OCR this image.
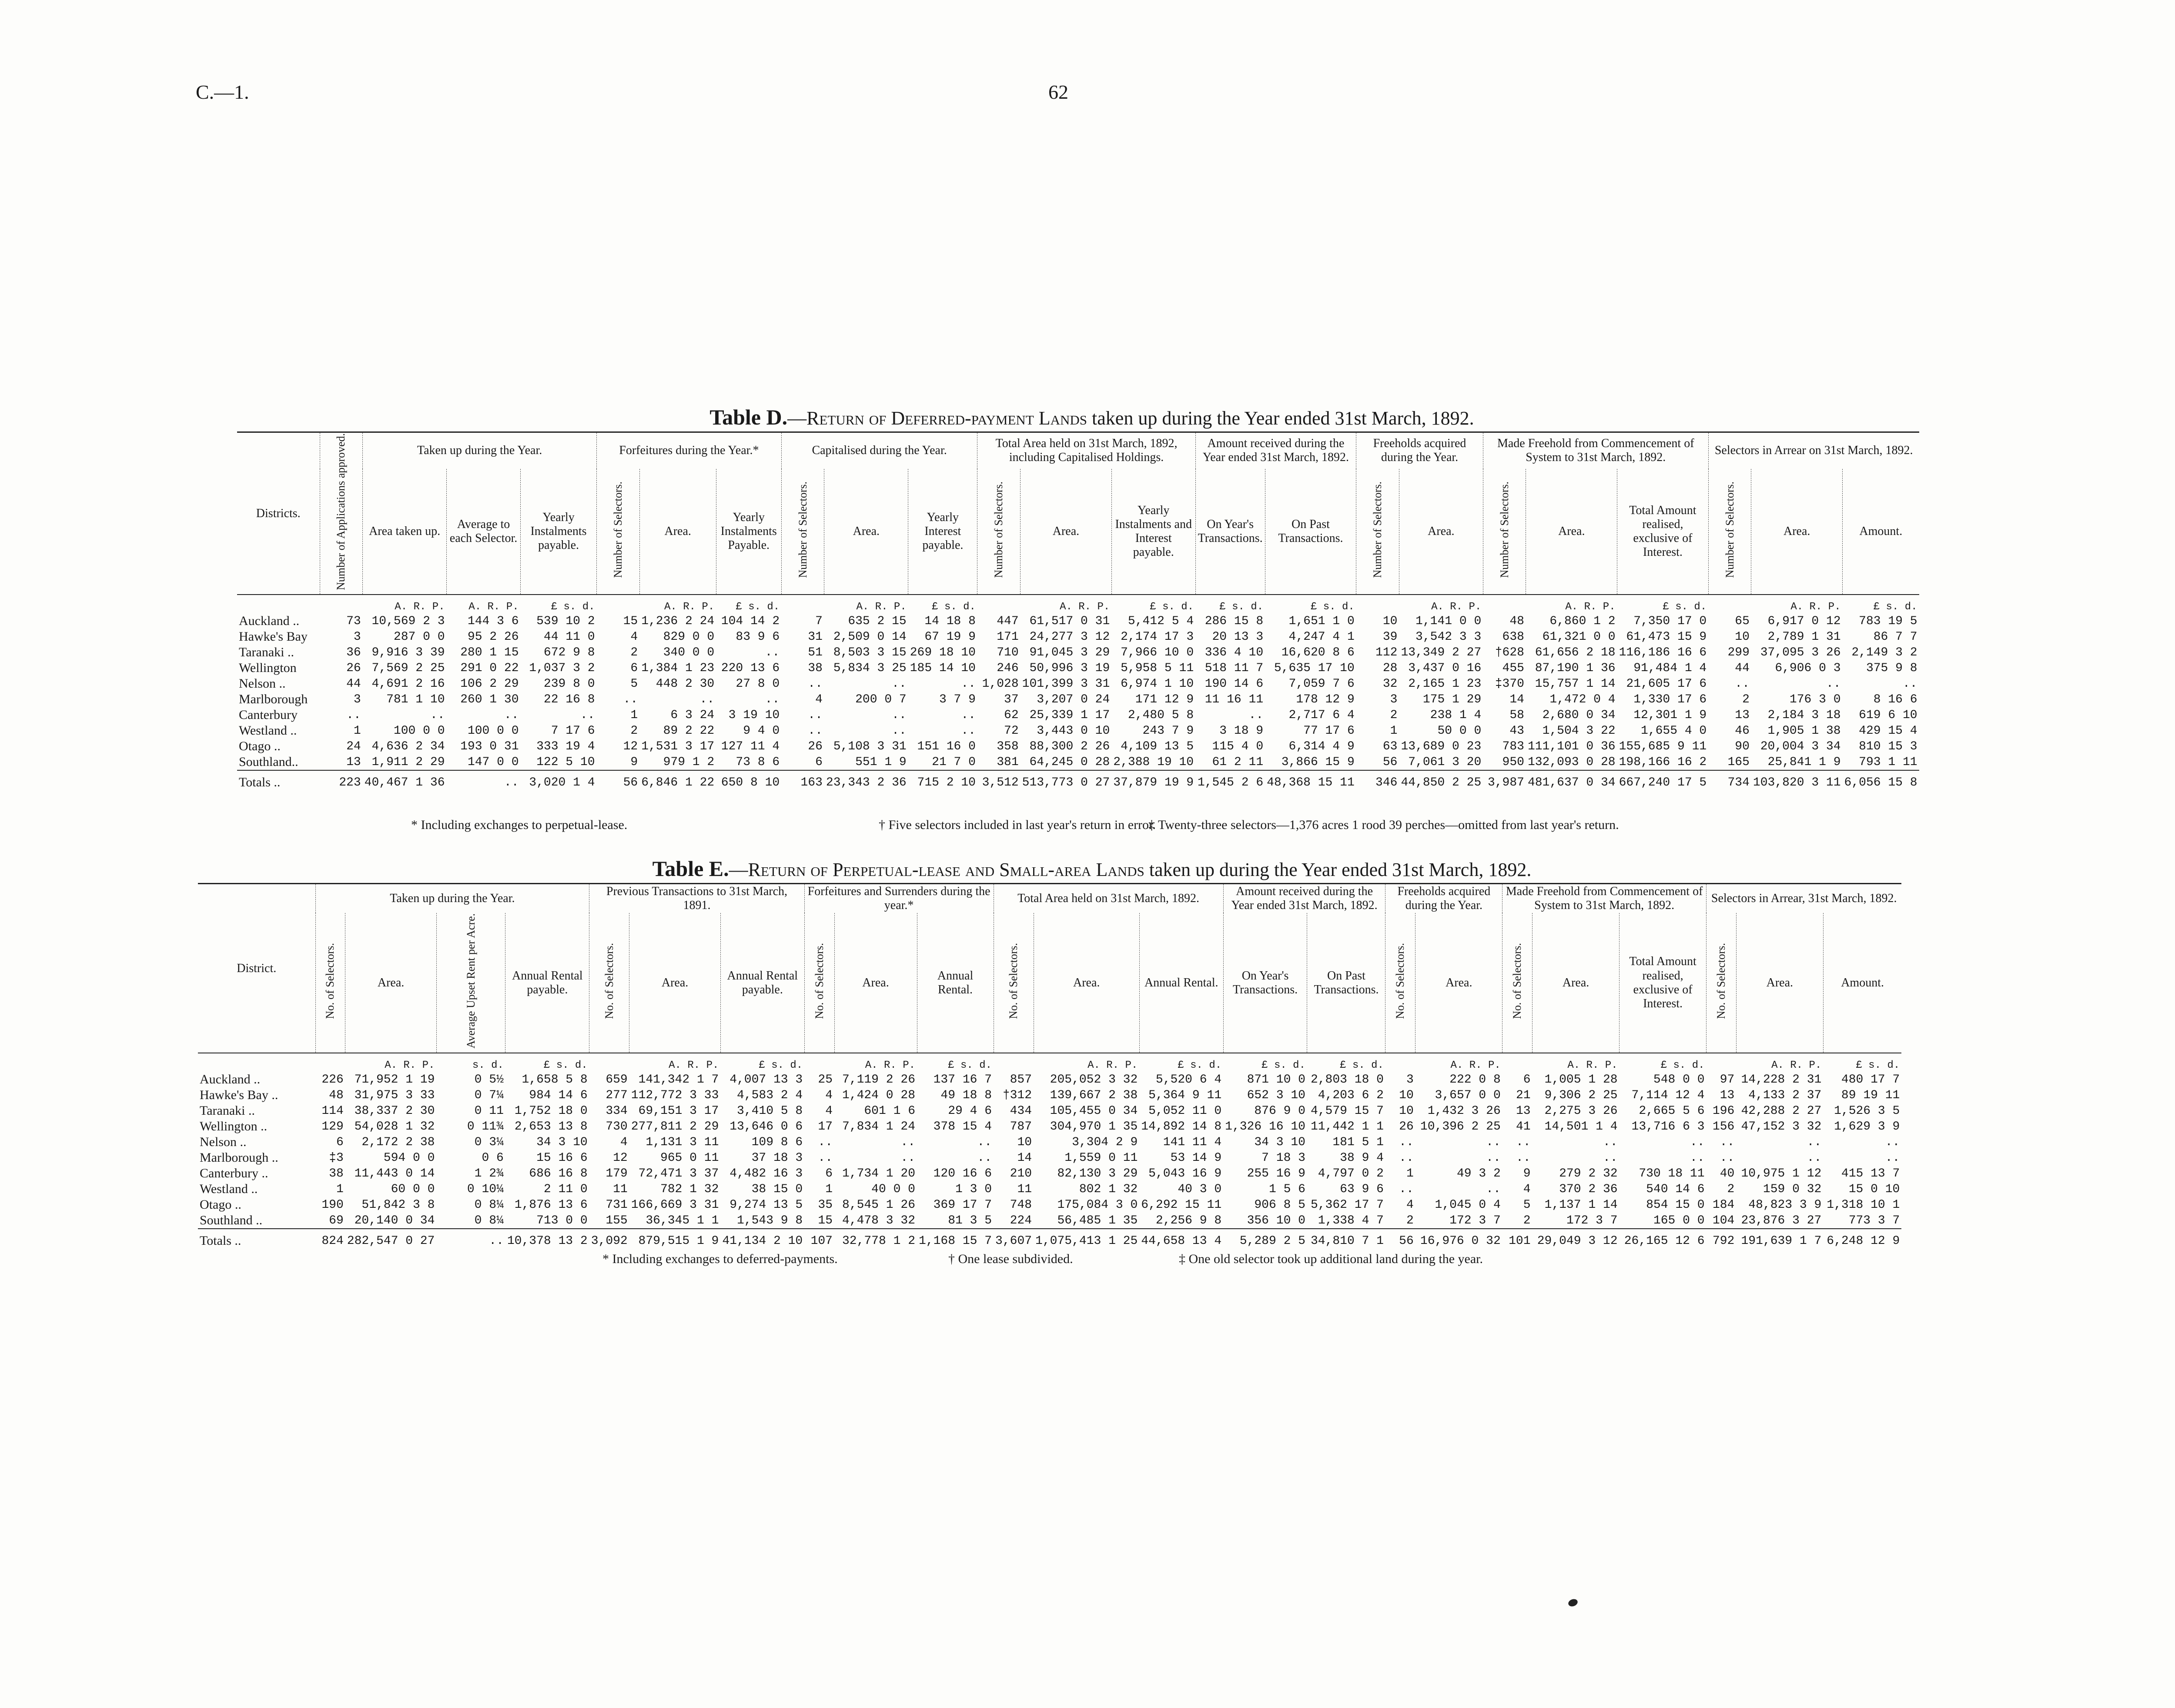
C.—1.	62
Table D.—Return of Deferred-payment Lands taken up during the Year ended 31st March, 1892.
Districts.	Number of Applications approved.	Taken up during the Year.			Forfeitures during the Year.*			Capitalised during the Year.			Total Area held on 31st March, 1892, including Capitalised Holdings.			Amount received during the Year ended 31st March, 1892.		Freeholds acquired during the Year.		Made Freehold from Commencement of System to 31st March, 1892.			Selectors in Arrear on 31st March, 1892.		
		Area taken up.	Average to each Selector.	Yearly Instalments payable.	Number of Selectors.	Area.	Yearly Instalments Payable.	Number of Selectors.	Area.	Yearly Interest payable.	Number of Selectors.	Area.	Yearly Instalments and Interest payable.	On Year's Transactions.	On Past Transactions.	Number of Selectors.	Area.	Number of Selectors.	Area.	Total Amount realised, exclusive of Interest.	Number of Selectors.	Area.	Amount.
		A. R. P.	A. R. P.	£ s. d.		A. R. P.	£ s. d.		A. R. P.	£ s. d.		A. R. P.	£ s. d.	£ s. d.	£ s. d.		A. R. P.		A. R. P.	£ s. d.		A. R. P.	£ s. d.
Auckland ..	73	10,569 2 3	144 3 6	539 10 2	15	1,236 2 24	104 14 2	7	635 2 15	14 18 8	447	61,517 0 31	5,412 5 4	286 15 8	1,651 1 0	10	1,141 0 0	48	6,860 1 2	7,350 17 0	65	6,917 0 12	783 19 5
Hawke's Bay	3	287 0 0	95 2 26	44 11 0	4	829 0 0	83 9 6	31	2,509 0 14	67 19 9	171	24,277 3 12	2,174 17 3	20 13 3	4,247 4 1	39	3,542 3 3	638	61,321 0 0	61,473 15 9	10	2,789 1 31	86 7 7
Taranaki ..	36	9,916 3 39	280 1 15	672 9 8	2	340 0 0	..	51	8,503 3 15	269 18 10	710	91,045 3 29	7,966 10 0	336 4 10	16,620 8 6	112	13,349 2 27	†628	61,656 2 18	116,186 16 6	299	37,095 3 26	2,149 3 2
Wellington	26	7,569 2 25	291 0 22	1,037 3 2	6	1,384 1 23	220 13 6	38	5,834 3 25	185 14 10	246	50,996 3 19	5,958 5 11	518 11 7	5,635 17 10	28	3,437 0 16	455	87,190 1 36	91,484 1 4	44	6,906 0 3	375 9 8
Nelson ..	44	4,691 2 16	106 2 29	239 8 0	5	448 2 30	27 8 0	..	..	..	1,028	101,399 3 31	6,974 1 10	190 14 6	7,059 7 6	32	2,165 1 23	‡370	15,757 1 14	21,605 17 6	..	..	..
Marlborough	3	781 1 10	260 1 30	22 16 8	..	..	..	4	200 0 7	3 7 9	37	3,207 0 24	171 12 9	11 16 11	178 12 9	3	175 1 29	14	1,472 0 4	1,330 17 6	2	176 3 0	8 16 6
Canterbury	..	..	..	..	1	6 3 24	3 19 10	..	..	..	62	25,339 1 17	2,480 5 8	..	2,717 6 4	2	238 1 4	58	2,680 0 34	12,301 1 9	13	2,184 3 18	619 6 10
Westland ..	1	100 0 0	100 0 0	7 17 6	2	89 2 22	9 4 0	..	..	..	72	3,443 0 10	243 7 9	3 18 9	77 17 6	1	50 0 0	43	1,504 3 22	1,655 4 0	46	1,905 1 38	429 15 4
Otago ..	24	4,636 2 34	193 0 31	333 19 4	12	1,531 3 17	127 11 4	26	5,108 3 31	151 16 0	358	88,300 2 26	4,109 13 5	115 4 0	6,314 4 9	63	13,689 0 23	783	111,101 0 36	155,685 9 11	90	20,004 3 34	810 15 3
Southland..	13	1,911 2 29	147 0 0	122 5 10	9	979 1 2	73 8 6	6	551 1 9	21 7 0	381	64,245 0 28	2,388 19 10	61 2 11	3,866 15 9	56	7,061 3 20	950	132,093 0 28	198,166 16 2	165	25,841 1 9	793 1 11
Totals ..	223	40,467 1 36	..	3,020 1 4	56	6,846 1 22	650 8 10	163	23,343 2 36	715 2 10	3,512	513,773 0 27	37,879 19 9	1,545 2 6	48,368 15 11	346	44,850 2 25	3,987	481,637 0 34	667,240 17 5	734	103,820 3 11	6,056 15 8
* Including exchanges to perpetual-lease.	† Five selectors included in last year's return in error.
‡ Twenty-three selectors—1,376 acres 1 rood 39 perches—omitted from last year's return.
Table E.—Return of Perpetual-lease and Small-area Lands taken up during the Year ended 31st March, 1892.
District.	Taken up during the Year.				Previous Transactions to 31st March, 1891.			Forfeitures and Surrenders during the year.*			Total Area held on 31st March, 1892.			Amount received during the Year ended 31st March, 1892.		Freeholds acquired during the Year.		Made Freehold from Commencement of System to 31st March, 1892.			Selectors in Arrear, 31st March, 1892.		
	No. of Selectors.	Area.	Average Upset Rent per Acre.	Annual Rental payable.	No. of Selectors.	Area.	Annual Rental payable.	No. of Selectors.	Area.	Annual Rental.	No. of Selectors.	Area.	Annual Rental.	On Year's Transactions.	On Past Transactions.	No. of Selectors.	Area.	No. of Selectors.	Area.	Total Amount realised, exclusive of Interest.	No. of Selectors.	Area.	Amount.
		A. R. P.	s. d.	£ s. d.		A. R. P.	£ s. d.		A. R. P.	£ s. d.		A. R. P.	£ s. d.	£ s. d.	£ s. d.		A. R. P.		A. R. P.	£ s. d.		A. R. P.	£ s. d.
Auckland ..	226	71,952 1 19	0 5½	1,658 5 8	659	141,342 1 7	4,007 13 3	25	7,119 2 26	137 16 7	857	205,052 3 32	5,520 6 4	871 10 0	2,803 18 0	3	222 0 8	6	1,005 1 28	548 0 0	97	14,228 2 31	480 17 7
Hawke's Bay ..	48	31,975 3 33	0 7¼	984 14 6	277	112,772 3 33	4,583 2 4	4	1,424 0 28	49 18 8	†312	139,667 2 38	5,364 9 11	652 3 10	4,203 6 2	10	3,657 0 0	21	9,306 2 25	7,114 12 4	13	4,133 2 37	89 19 11
Taranaki ..	114	38,337 2 30	0 11	1,752 18 0	334	69,151 3 17	3,410 5 8	4	601 1 6	29 4 6	434	105,455 0 34	5,052 11 0	876 9 0	4,579 15 7	10	1,432 3 26	13	2,275 3 26	2,665 5 6	196	42,288 2 27	1,526 3 5
Wellington ..	129	54,028 1 32	0 11¾	2,653 13 8	730	277,811 2 29	13,646 0 6	17	7,834 1 24	378 15 4	787	304,970 1 35	14,892 14 8	1,326 16 10	11,442 1 1	26	10,396 2 25	41	14,501 1 4	13,716 6 3	156	47,152 3 32	1,629 3 9
Nelson ..	6	2,172 2 38	0 3¼	34 3 10	4	1,131 3 11	109 8 6	..	..	..	10	3,304 2 9	141 11 4	34 3 10	181 5 1	..	..	..	..	..	..	..	..
Marlborough ..	‡3	594 0 0	0 6	15 16 6	12	965 0 11	37 18 3	..	..	..	14	1,559 0 11	53 14 9	7 18 3	38 9 4	..	..	..	..	..	..	..	..
Canterbury ..	38	11,443 0 14	1 2¾	686 16 8	179	72,471 3 37	4,482 16 3	6	1,734 1 20	120 16 6	210	82,130 3 29	5,043 16 9	255 16 9	4,797 0 2	1	49 3 2	9	279 2 32	730 18 11	40	10,975 1 12	415 13 7
Westland ..	1	60 0 0	0 10¼	2 11 0	11	782 1 32	38 15 0	1	40 0 0	1 3 0	11	802 1 32	40 3 0	1 5 6	63 9 6	..	..	4	370 2 36	540 14 6	2	159 0 32	15 0 10
Otago ..	190	51,842 3 8	0 8¼	1,876 13 6	731	166,669 3 31	9,274 13 5	35	8,545 1 26	369 17 7	748	175,084 3 0	6,292 15 11	906 8 5	5,362 17 7	4	1,045 0 4	5	1,137 1 14	854 15 0	184	48,823 3 9	1,318 10 1
Southland ..	69	20,140 0 34	0 8¼	713 0 0	155	36,345 1 1	1,543 9 8	15	4,478 3 32	81 3 5	224	56,485 1 35	2,256 9 8	356 10 0	1,338 4 7	2	172 3 7	2	172 3 7	165 0 0	104	23,876 3 27	773 3 7
Totals ..	824	282,547 0 27	..	10,378 13 2	3,092	879,515 1 9	41,134 2 10	107	32,778 1 2	1,168 15 7	3,607	1,075,413 1 25	44,658 13 4	5,289 2 5	34,810 7 1	56	16,976 0 32	101	29,049 3 12	26,165 12 6	792	191,639 1 7	6,248 12 9
* Including exchanges to deferred-payments.	† One lease subdivided.	‡ One old selector took up additional land during the year.
